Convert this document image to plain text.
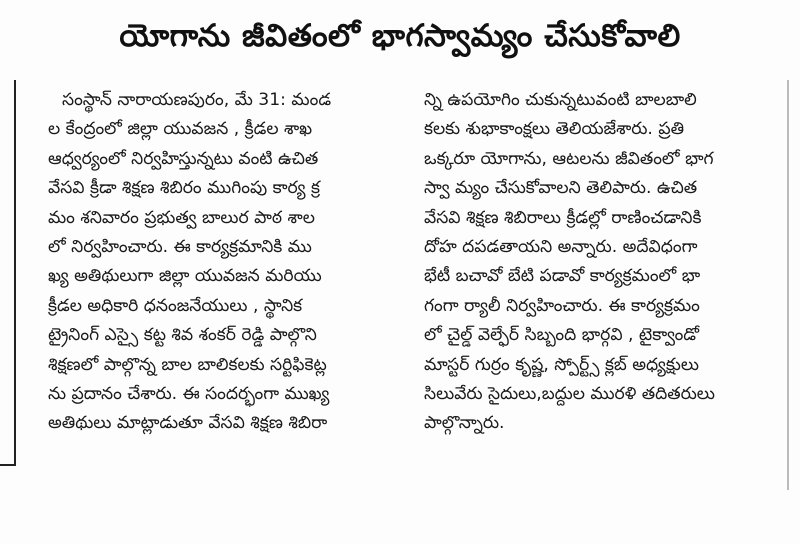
యోగాను జీవితంలో భాగస్వామ్యం చేసుకోవాలి
సంస్థాన్ నారాయణపురం, మే 31: మండ
ల కేంద్రంలో జిల్లా యువజన , క్రీడల శాఖ
ఆధ్వర్యంలో నిర్వహిస్తున్నటు వంటి ఉచిత
వేసవి క్రీడా శిక్షణ శిబిరం ముగింపు కార్య క్ర
మం శనివారం ప్రభుత్వ బాలుర పాఠ శాల
లో నిర్వహించారు. ఈ కార్యక్రమానికి ము
ఖ్య అతిథులుగా జిల్లా యువజన మరియు
క్రీడల అధికారి ధనంజనేయులు , స్థానిక
ట్రైనింగ్ ఎస్సై కట్ట శివ శంకర్ రెడ్డి పాల్గొని
శిక్షణలో పాల్గొన్న బాల బాలికలకు సర్టిఫికెట్ల
ను ప్రదానం చేశారు. ఈ సందర్భంగా ముఖ్య
అతిథులు మాట్లాడుతూ వేసవి శిక్షణ శిబిరా
న్ని ఉపయోగిం చుకున్నటువంటి బాలబాలి
కలకు శుభాకాంక్షలు తెలియజేశారు. ప్రతి
ఒక్కరూ యోగాను, ఆటలను జీవితంలో భాగ
స్వా మ్యం చేసుకోవాలని తెలిపారు. ఉచిత
వేసవి శిక్షణ శిబిరాలు క్రీడల్లో రాణించడానికి
దోహ దపడతాయని అన్నారు. అదేవిధంగా
భేటీ బచావో బేటి పడావో కార్యక్రమంలో భా
గంగా ర్యాలీ నిర్వహించారు. ఈ కార్యక్రమం
లో చైల్డ్ వెల్ఫేర్ సిబ్బంది భార్గవి , టైక్వాండో
మాస్టర్ గుర్రం కృష్ణ, స్పోర్ట్స్ క్లబ్ అధ్యక్షులు
సిలువేరు సైదులు,బద్దుల మురళి తదితరులు
పాల్గొన్నారు.
